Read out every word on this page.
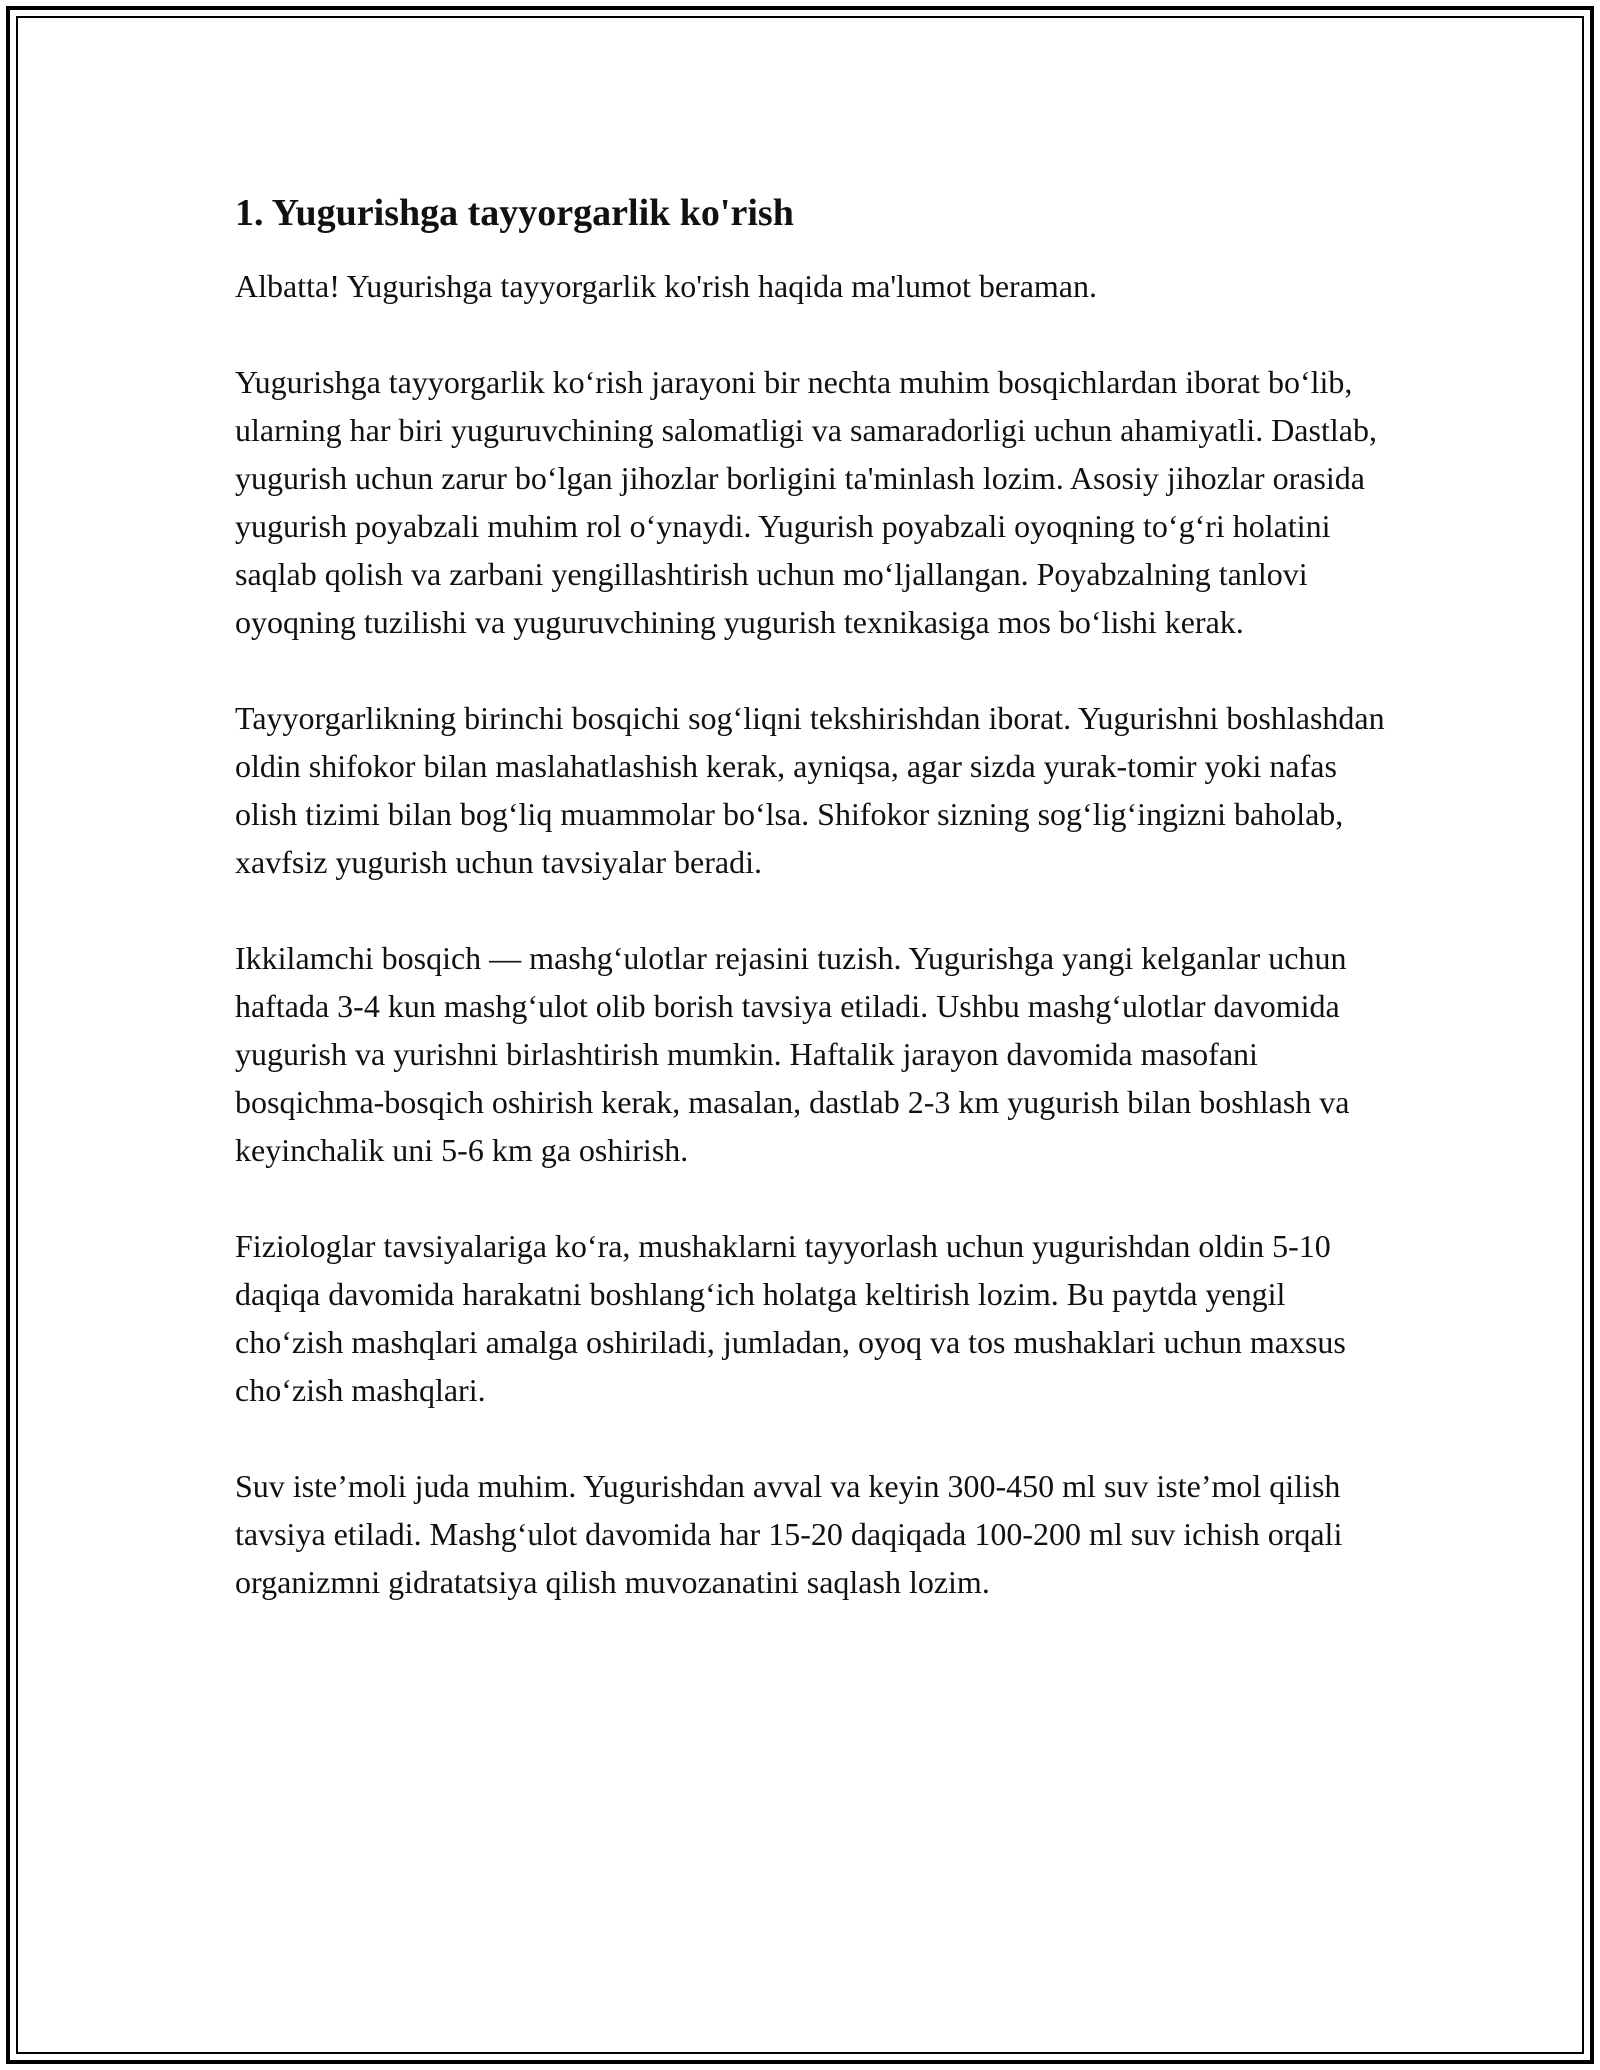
1. Yugurishga tayyorgarlik ko'rish

Albatta! Yugurishga tayyorgarlik ko'rish haqida ma'lumot beraman.

Yugurishga tayyorgarlik ko‘rish jarayoni bir nechta muhim bosqichlardan iborat bo‘lib, ularning har biri yuguruvchining salomatligi va samaradorligi uchun ahamiyatli. Dastlab, yugurish uchun zarur bo‘lgan jihozlar borligini ta'minlash lozim. Asosiy jihozlar orasida yugurish poyabzali muhim rol o‘ynaydi. Yugurish poyabzali oyoqning to‘g‘ri holatini saqlab qolish va zarbani yengillashtirish uchun mo‘ljallangan. Poyabzalning tanlovi oyoqning tuzilishi va yuguruvchining yugurish texnikasiga mos bo‘lishi kerak.

Tayyorgarlikning birinchi bosqichi sog‘liqni tekshirishdan iborat. Yugurishni boshlashdan oldin shifokor bilan maslahatlashish kerak, ayniqsa, agar sizda yurak-tomir yoki nafas olish tizimi bilan bog‘liq muammolar bo‘lsa. Shifokor sizning sog‘lig‘ingizni baholab, xavfsiz yugurish uchun tavsiyalar beradi.

Ikkilamchi bosqich — mashg‘ulotlar rejasini tuzish. Yugurishga yangi kelganlar uchun haftada 3-4 kun mashg‘ulot olib borish tavsiya etiladi. Ushbu mashg‘ulotlar davomida yugurish va yurishni birlashtirish mumkin. Haftalik jarayon davomida masofani bosqichma-bosqich oshirish kerak, masalan, dastlab 2-3 km yugurish bilan boshlash va keyinchalik uni 5-6 km ga oshirish.

Fiziologlar tavsiyalariga ko‘ra, mushaklarni tayyorlash uchun yugurishdan oldin 5-10 daqiqa davomida harakatni boshlang‘ich holatga keltirish lozim. Bu paytda yengil cho‘zish mashqlari amalga oshiriladi, jumladan, oyoq va tos mushaklari uchun maxsus cho‘zish mashqlari.

Suv iste’moli juda muhim. Yugurishdan avval va keyin 300-450 ml suv iste’mol qilish tavsiya etiladi. Mashg‘ulot davomida har 15-20 daqiqada 100-200 ml suv ichish orqali organizmni gidratatsiya qilish muvozanatini saqlash lozim.
